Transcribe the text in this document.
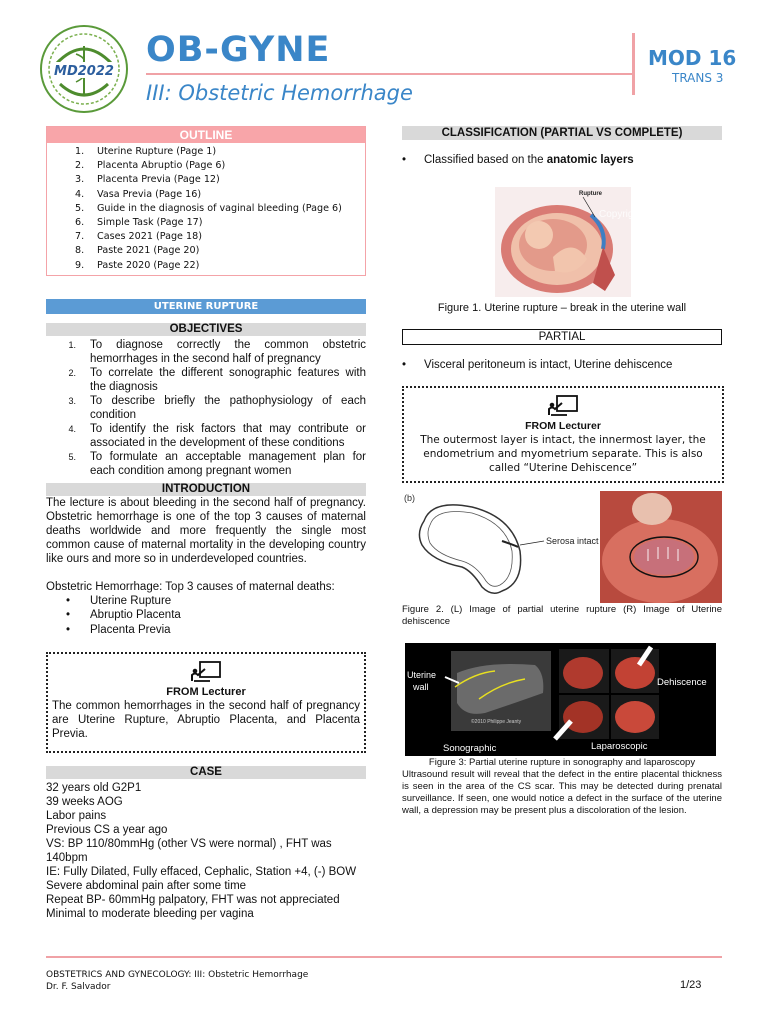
MD2022
OB-GYNE
III: Obstetric Hemorrhage
MOD 16
TRANS 3
OUTLINE
1.	Uterine Rupture (Page 1)
2.	Placenta Abruptio (Page 6)
3.	Placenta Previa (Page 12)
4.	Vasa Previa (Page 16)
5.	Guide in the diagnosis of vaginal bleeding (Page 6)
6.	Simple Task (Page 17)
7.	Cases 2021 (Page 18)
8.	Paste 2021 (Page 20)
9.	Paste 2020 (Page 22)
UTERINE RUPTURE
OBJECTIVES
1.	To diagnose correctly the common obstetric hemorrhages in the second half of pregnancy
2.	To correlate the different sonographic features with the diagnosis
3.	To describe briefly the pathophysiology of each condition
4.	To identify the risk factors that may contribute or associated in the development of these conditions
5.	To formulate an acceptable management plan for each condition among pregnant women
INTRODUCTION

The lecture is about bleeding in the second half of pregnancy. Obstetric hemorrhage is one of the top 3 causes of maternal deaths worldwide and more frequently the single most common cause of maternal mortality in the developing country like ours and more so in underdeveloped countries.

Obstetric Hemorrhage: Top 3 causes of maternal deaths:

• Uterine Rupture
• Abruptio Placenta
• Placenta Previa
FROM Lecturer
The common hemorrhages in the second half of pregnancy are Uterine Rupture, Abruptio Placenta, and Placenta Previa.
CASE
32 years old G2P1
39 weeks AOG
Labor pains
Previous CS a year ago
VS: BP 110/80mmHg (other VS were normal) , FHT was 140bpm
IE: Fully Dilated, Fully effaced, Cephalic, Station +4, (-) BOW
Severe abdominal pain after some time
Repeat BP- 60mmHg palpatory, FHT was not appreciated
Minimal to moderate bleeding per vagina
CLASSIFICATION (PARTIAL VS COMPLETE)
• Classified based on the anatomic layers
Rupture
Copyright
Figure 1. Uterine rupture – break in the uterine wall
PARTIAL
• Visceral peritoneum is intact, Uterine dehiscence
FROM Lecturer
The outermost layer is intact, the innermost layer, the endometrium and myometrium separate. This is also called “Uterine Dehiscence”
(b)
Serosa intact
Figure 2. (L) Image of partial uterine rupture (R) Image of Uterine dehiscence
Uterine
wall
©2010 Philippe Jeanty
Dehiscence
Sonographic	Laparoscopic
Figure 3: Partial uterine rupture in sonography and laparoscopy
Ultrasound result will reveal that the defect in the entire placental thickness is seen in the area of the CS scar. This may be detected during prenatal surveillance. If seen, one would notice a defect in the surface of the uterine wall, a depression may be present plus a discoloration of the lesion.
OBSTETRICS AND GYNECOLOGY: III: Obstetric Hemorrhage
Dr. F. Salvador	1/23
